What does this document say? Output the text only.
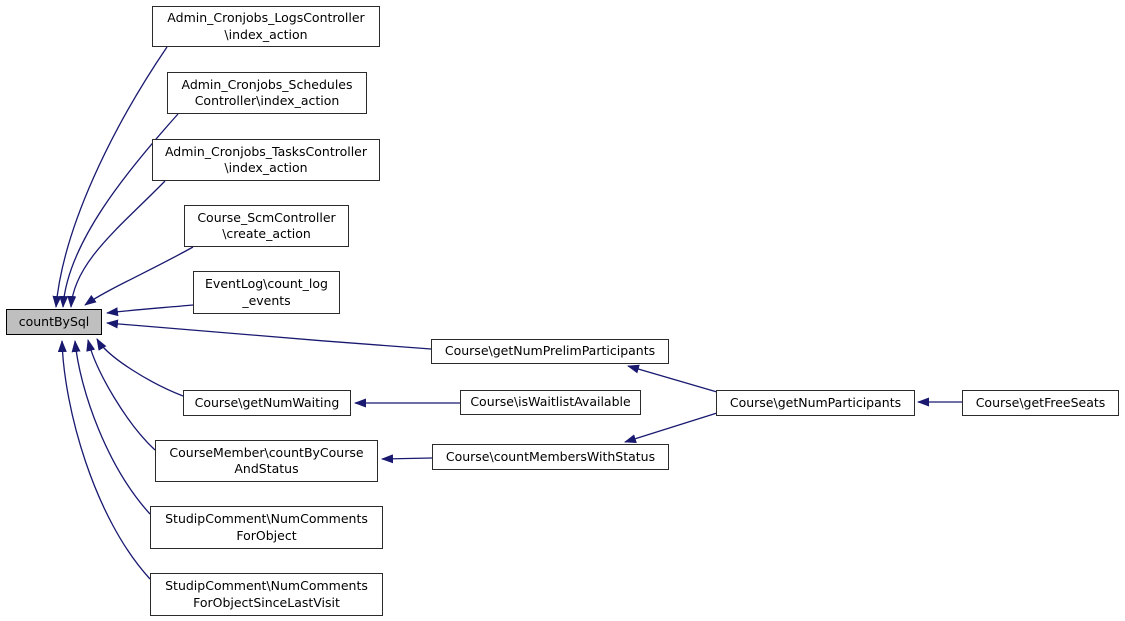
Admin_Cronjobs_LogsController
\index_action
Admin_Cronjobs_Schedules
Controller\index_action
Admin_Cronjobs_TasksController
\index_action
Course_ScmController
\create_action
EventLog\count_log
_events
countBySql
Course\getNumPrelimParticipants
Course\getNumWaiting	Course\isWaitlistAvailable
CourseMember\countByCourse
AndStatus
Course\countMembersWithStatus
Course\getNumParticipants	Course\getFreeSeats
StudipComment\NumComments
ForObject
StudipComment\NumComments
ForObjectSinceLastVisit
